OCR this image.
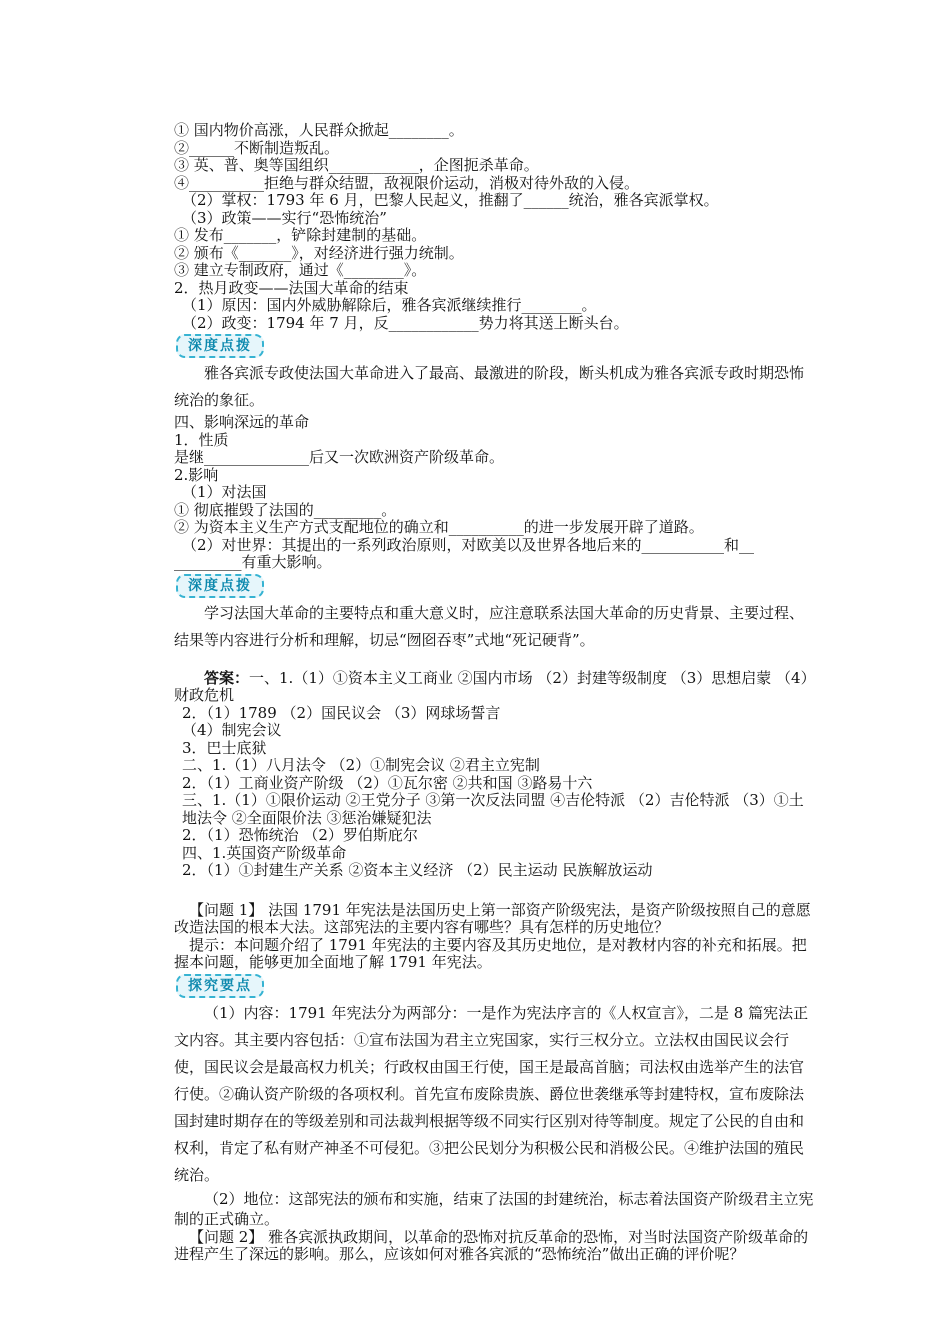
① 国内物价高涨，人民群众掀起________。
②______不断制造叛乱。
③ 英、普、奥等国组织____________，企图扼杀革命。
④__________拒绝与群众结盟，敌视限价运动，消极对待外敌的入侵。
（2）掌权：1793 年 6 月，巴黎人民起义，推翻了______统治，雅各宾派掌权。
（3）政策——实行“恐怖统治”
① 发布_______，铲除封建制的基础。
② 颁布《_______》，对经济进行强力统制。
③ 建立专制政府，通过《________》。
2．热月政变——法国大革命的结束
（1）原因：国内外威胁解除后，雅各宾派继续推行________。
（2）政变：1794 年 7 月，反____________势力将其送上断头台。
深度点拨
雅各宾派专政使法国大革命进入了最高、最激进的阶段，断头机成为雅各宾派专政时期恐怖统治的象征。
四、影响深远的革命
1．性质
是继______________后又一次欧洲资产阶级革命。
2.影响
（1）对法国
① 彻底摧毁了法国的_________。
② 为资本主义生产方式支配地位的确立和__________的进一步发展开辟了道路。
（2）对世界：其提出的一系列政治原则，对欧美以及世界各地后来的___________和__
_________有重大影响。
深度点拨
学习法国大革命的主要特点和重大意义时，应注意联系法国大革命的历史背景、主要过程、结果等内容进行分析和理解，切忌“囫囵吞枣”式地“死记硬背”。
答案：一、1.（1）①资本主义工商业 ②国内市场 （2）封建等级制度 （3）思想启蒙 （4）财政危机
2．（1）1789 （2）国民议会 （3）网球场誓言
（4）制宪会议
3．巴士底狱
二、1.（1）八月法令 （2）①制宪会议 ②君主立宪制
2．（1）工商业资产阶级 （2）①瓦尔密 ②共和国 ③路易十六
三、1.（1）①限价运动 ②王党分子 ③第一次反法同盟 ④吉伦特派 （2）吉伦特派 （3）①土地法令 ②全面限价法 ③惩治嫌疑犯法
2．（1）恐怖统治 （2）罗伯斯庇尔
四、1.英国资产阶级革命
2．（1）①封建生产关系 ②资本主义经济 （2）民主运动 民族解放运动
【问题 1】 法国 1791 年宪法是法国历史上第一部资产阶级宪法，是资产阶级按照自己的意愿改造法国的根本大法。这部宪法的主要内容有哪些？具有怎样的历史地位？
提示：本问题介绍了 1791 年宪法的主要内容及其历史地位，是对教材内容的补充和拓展。把握本问题，能够更加全面地了解 1791 年宪法。
探究要点
（1）内容：1791 年宪法分为两部分：一是作为宪法序言的《人权宣言》，二是 8 篇宪法正文内容。其主要内容包括：①宣布法国为君主立宪国家，实行三权分立。立法权由国民议会行使，国民议会是最高权力机关；行政权由国王行使，国王是最高首脑；司法权由选举产生的法官行使。②确认资产阶级的各项权利。首先宣布废除贵族、爵位世袭继承等封建特权，宣布废除法国封建时期存在的等级差别和司法裁判根据等级不同实行区别对待等制度。规定了公民的自由和权利，肯定了私有财产神圣不可侵犯。③把公民划分为积极公民和消极公民。④维护法国的殖民统治。
（2）地位：这部宪法的颁布和实施，结束了法国的封建统治，标志着法国资产阶级君主立宪制的正式确立。
【问题 2】 雅各宾派执政期间，以革命的恐怖对抗反革命的恐怖，对当时法国资产阶级革命的进程产生了深远的影响。那么，应该如何对雅各宾派的“恐怖统治”做出正确的评价呢？
